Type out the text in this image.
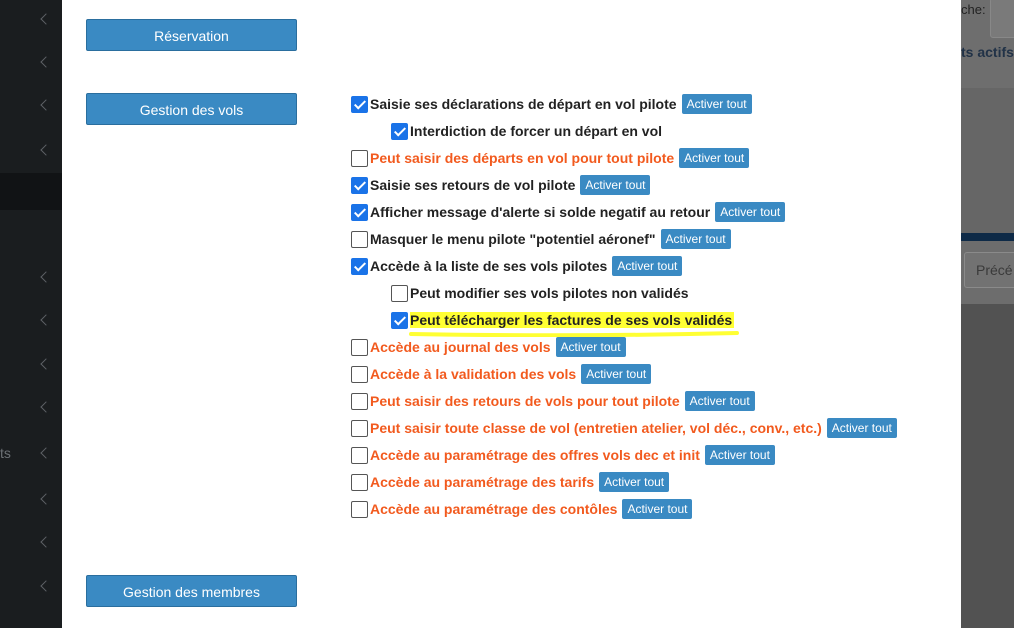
ts
che:
ts actifs
Précé
Réservation
Gestion des vols
Gestion des membres
Saisie ses déclarations de départ en vol pilote Activer tout
Interdiction de forcer un départ en vol
Peut saisir des départs en vol pour tout pilote Activer tout
Saisie ses retours de vol pilote Activer tout
Afficher message d'alerte si solde negatif au retour Activer tout
Masquer le menu pilote "potentiel aéronef" Activer tout
Accède à la liste de ses vols pilotes Activer tout
Peut modifier ses vols pilotes non validés
Peut télécharger les factures de ses vols validés
Accède au journal des vols Activer tout
Accède à la validation des vols Activer tout
Peut saisir des retours de vols pour tout pilote Activer tout
Peut saisir toute classe de vol (entretien atelier, vol déc., conv., etc.) Activer tout
Accède au paramétrage des offres vols dec et init Activer tout
Accède au paramétrage des tarifs Activer tout
Accède au paramétrage des contôles Activer tout
